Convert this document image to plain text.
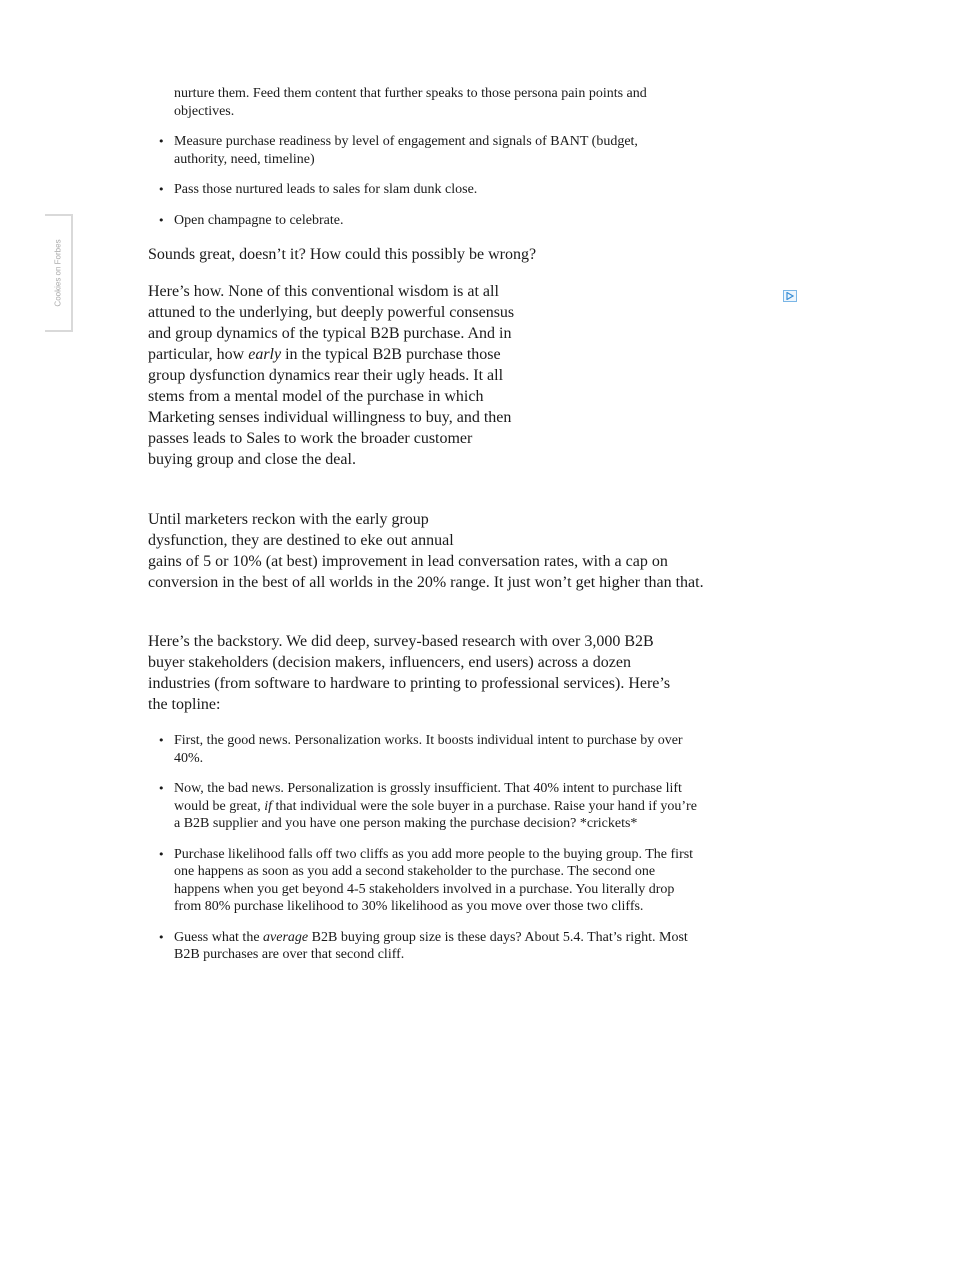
Cookies on Forbes
nurture them. Feed them content that further speaks to those persona pain points and objectives.
• Measure purchase readiness by level of engagement and signals of BANT (budget, authority, need, timeline)
• Pass those nurtured leads to sales for slam dunk close.
• Open champagne to celebrate.

Sounds great, doesn’t it? How could this possibly be wrong?

Here’s how. None of this conventional wisdom is at all attuned to the underlying, but deeply powerful consensus and group dynamics of the typical B2B purchase. And in particular, how early in the typical B2B purchase those group dysfunction dynamics rear their ugly heads. It all stems from a mental model of the purchase in which Marketing senses individual willingness to buy, and then passes leads to Sales to work the broader customer buying group and close the deal.

Until marketers reckon with the early group dysfunction, they are destined to eke out annual
gains of 5 or 10% (at best) improvement in lead conversation rates, with a cap on conversion in the best of all worlds in the 20% range. It just won’t get higher than that.

Here’s the backstory. We did deep, survey-based research with over 3,000 B2B buyer stakeholders (decision makers, influencers, end users) across a dozen industries (from software to hardware to printing to professional services). Here’s the topline:

• First, the good news. Personalization works. It boosts individual intent to purchase by over 40%.
• Now, the bad news. Personalization is grossly insufficient. That 40% intent to purchase lift would be great, if that individual were the sole buyer in a purchase. Raise your hand if you’re a B2B supplier and you have one person making the purchase decision? *crickets*
• Purchase likelihood falls off two cliffs as you add more people to the buying group. The first one happens as soon as you add a second stakeholder to the purchase. The second one happens when you get beyond 4-5 stakeholders involved in a purchase. You literally drop from 80% purchase likelihood to 30% likelihood as you move over those two cliffs.
• Guess what the average B2B buying group size is these days? About 5.4. That’s right. Most B2B purchases are over that second cliff.
